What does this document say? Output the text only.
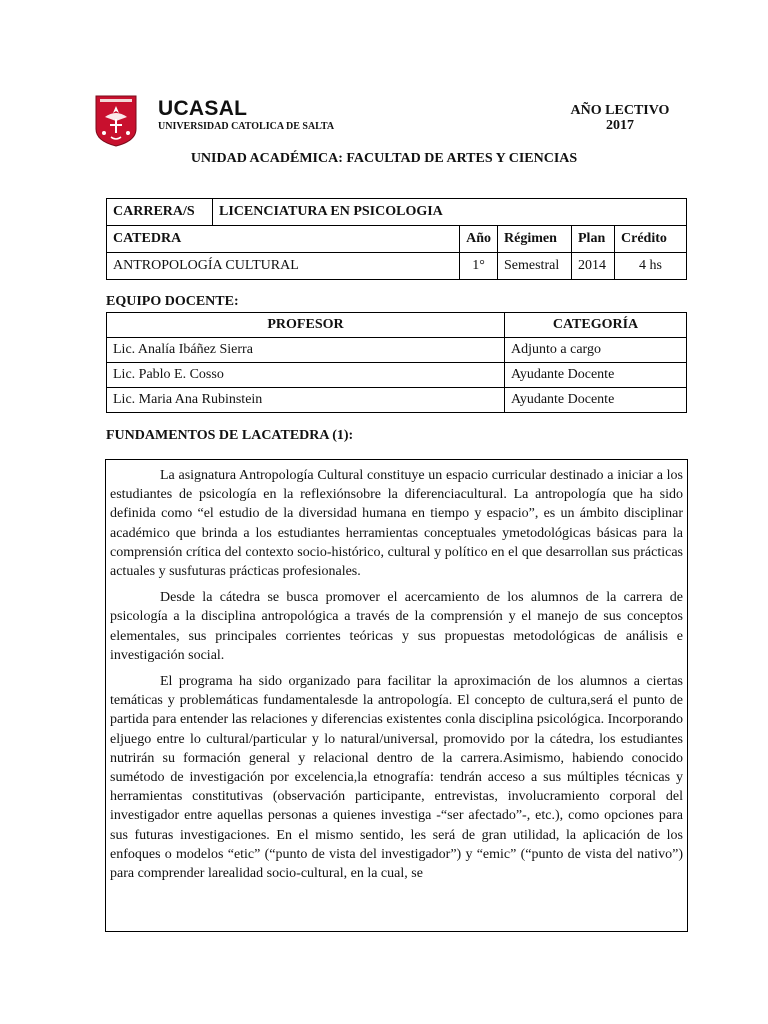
UCASAL
UNIVERSIDAD CATOLICA DE SALTA
AÑO LECTIVO
2017
UNIDAD ACADÉMICA: FACULTAD DE ARTES Y CIENCIAS
CARRERA/S	LICENCIATURA EN PSICOLOGIA				
CATEDRA		Año	Régimen	Plan	Crédito
ANTROPOLOGÍA CULTURAL		1°	Semestral	2014	4 hs
EQUIPO DOCENTE:
PROFESOR	CATEGORÍA
Lic. Analía Ibáñez Sierra	Adjunto a cargo
Lic. Pablo E. Cosso	Ayudante Docente
Lic. Maria Ana Rubinstein	Ayudante Docente
FUNDAMENTOS DE LACATEDRA (1):

La asignatura Antropología Cultural constituye un espacio curricular destinado a iniciar a los estudiantes de psicología en la reflexiónsobre la diferenciacultural. La antropología que ha sido definida como “el estudio de la diversidad humana en tiempo y espacio”, es un ámbito disciplinar académico que brinda a los estudiantes herramientas conceptuales ymetodológicas básicas para la comprensión crítica del contexto socio-histórico, cultural y político en el que desarrollan sus prácticas actuales y susfuturas prácticas profesionales.

Desde la cátedra se busca promover el acercamiento de los alumnos de la carrera de psicología a la disciplina antropológica a través de la comprensión y el manejo de sus conceptos elementales, sus principales corrientes teóricas y sus propuestas metodológicas de análisis e investigación social.

El programa ha sido organizado para facilitar la aproximación de los alumnos a ciertas temáticas y problemáticas fundamentalesde la antropología. El concepto de cultura,será el punto de partida para entender las relaciones y diferencias existentes conla disciplina psicológica. Incorporando eljuego entre lo cultural/particular y lo natural/universal, promovido por la cátedra, los estudiantes nutrirán su formación general y relacional dentro de la carrera.Asimismo, habiendo conocido sumétodo de investigación por excelencia,la etnografía: tendrán acceso a sus múltiples técnicas y herramientas constitutivas (observación participante, entrevistas, involucramiento corporal del investigador entre aquellas personas a quienes investiga -“ser afectado”-, etc.), como opciones para sus futuras investigaciones. En el mismo sentido, les será de gran utilidad, la aplicación de los enfoques o modelos “etic” (“punto de vista del investigador”) y “emic” (“punto de vista del nativo”) para comprender larealidad socio-cultural, en la cual, se
